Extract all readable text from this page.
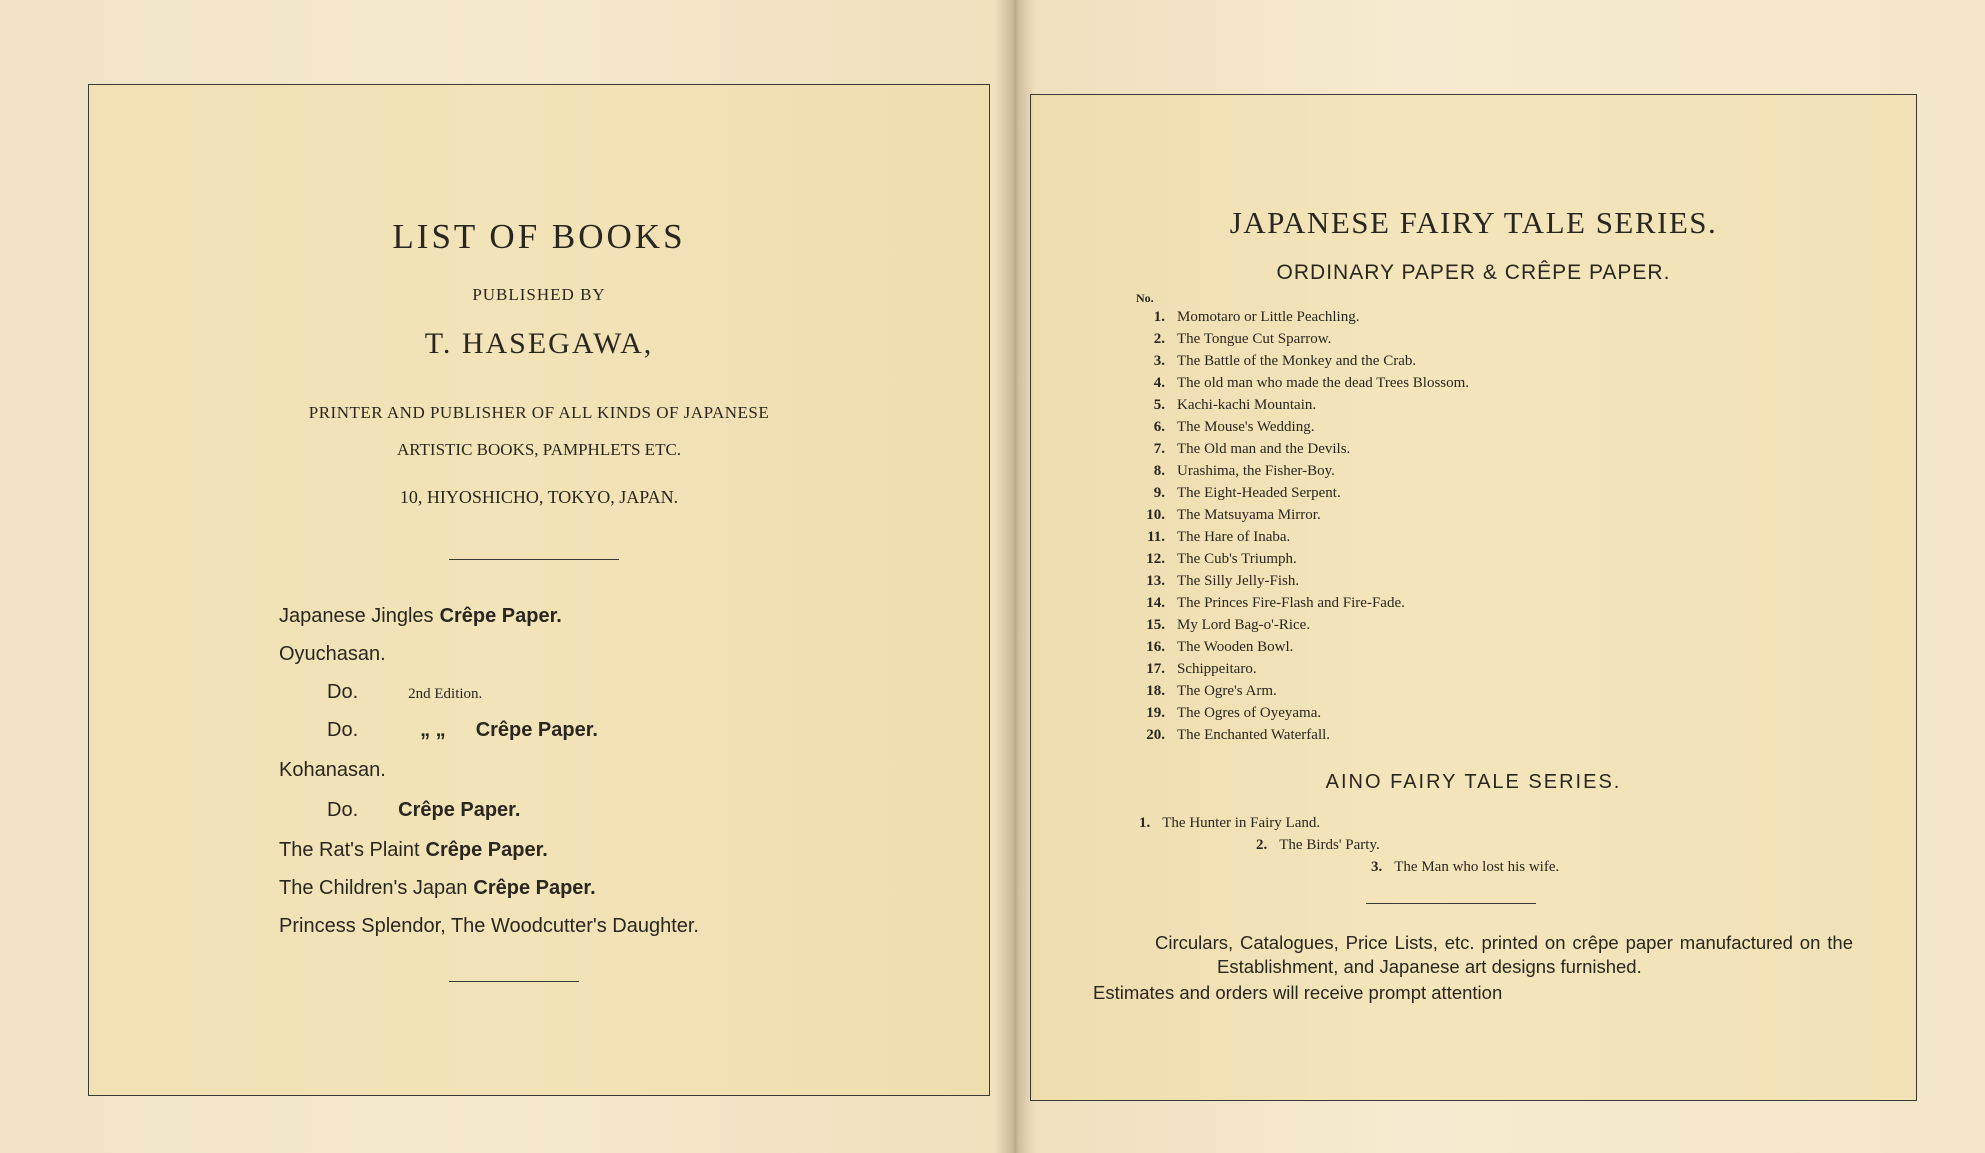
LIST OF BOOKS
PUBLISHED BY
T. HASEGAWA,
PRINTER AND PUBLISHER OF ALL KINDS OF JAPANESE
ARTISTIC BOOKS, PAMPHLETS ETC.
10, HIYOSHICHO, TOKYO, JAPAN.
Japanese Jingles Crêpe Paper.
Oyuchasan.
Do.	2nd Edition.
Do.	„ „ Crêpe Paper.
Kohanasan.
Do. Crêpe Paper.
The Rat's Plaint Crêpe Paper.
The Children's Japan Crêpe Paper.
Princess Splendor, The Woodcutter's Daughter.
JAPANESE FAIRY TALE SERIES.
ORDINARY PAPER & CRÊPE PAPER.
No.
1. Momotaro or Little Peachling.
2. The Tongue Cut Sparrow.
3. The Battle of the Monkey and the Crab.
4. The old man who made the dead Trees Blossom.
5. Kachi-kachi Mountain.
6. The Mouse's Wedding.
7. The Old man and the Devils.
8. Urashima, the Fisher-Boy.
9. The Eight-Headed Serpent.
10. The Matsuyama Mirror.
11. The Hare of Inaba.
12. The Cub's Triumph.
13. The Silly Jelly-Fish.
14. The Princes Fire-Flash and Fire-Fade.
15. My Lord Bag-o'-Rice.
16. The Wooden Bowl.
17. Schippeitaro.
18. The Ogre's Arm.
19. The Ogres of Oyeyama.
20. The Enchanted Waterfall.
AINO FAIRY TALE SERIES.
1. The Hunter in Fairy Land.
2. The Birds' Party.
3. The Man who lost his wife.
Circulars, Catalogues, Price Lists, etc. printed on crêpe paper manufactured on the Establishment, and Japanese art designs furnished.
Estimates and orders will receive prompt attention
